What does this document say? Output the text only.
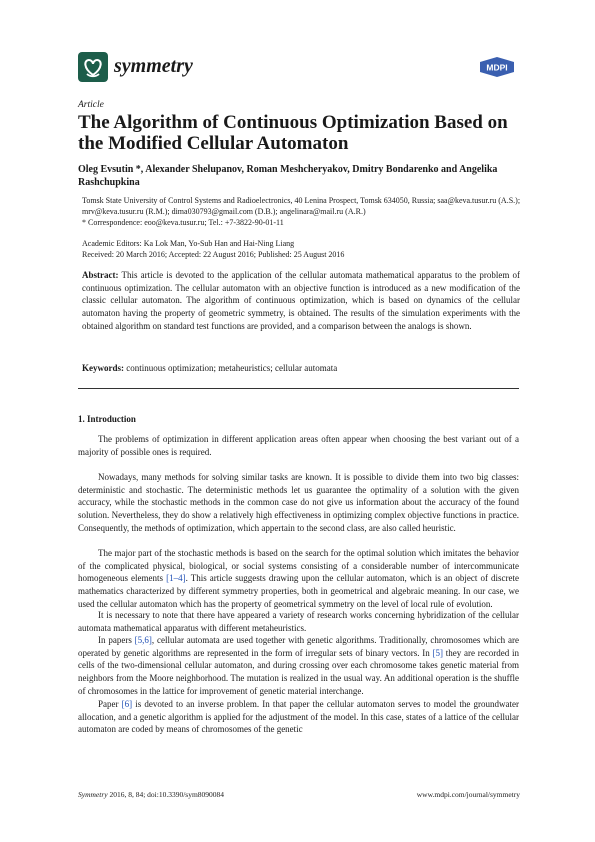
symmetry	MDPI
Article
The Algorithm of Continuous Optimization Based on the Modified Cellular Automaton
Oleg Evsutin *, Alexander Shelupanov, Roman Meshcheryakov, Dmitry Bondarenko and Angelika Rashchupkina
Tomsk State University of Control Systems and Radioelectronics, 40 Lenina Prospect, Tomsk 634050, Russia; saa@keva.tusur.ru (A.S.); mrv@keva.tusur.ru (R.M.); dima030793@gmail.com (D.B.); angelinara@mail.ru (A.R.)
* Correspondence: eoo@keva.tusur.ru; Tel.: +7-3822-90-01-11
Academic Editors: Ka Lok Man, Yo-Sub Han and Hai-Ning Liang
Received: 20 March 2016; Accepted: 22 August 2016; Published: 25 August 2016
Abstract: This article is devoted to the application of the cellular automata mathematical apparatus to the problem of continuous optimization. The cellular automaton with an objective function is introduced as a new modification of the classic cellular automaton. The algorithm of continuous optimization, which is based on dynamics of the cellular automaton having the property of geometric symmetry, is obtained. The results of the simulation experiments with the obtained algorithm on standard test functions are provided, and a comparison between the analogs is shown.
Keywords: continuous optimization; metaheuristics; cellular automata
1. Introduction
The problems of optimization in different application areas often appear when choosing the best variant out of a majority of possible ones is required.
Nowadays, many methods for solving similar tasks are known. It is possible to divide them into two big classes: deterministic and stochastic. The deterministic methods let us guarantee the optimality of a solution with the given accuracy, while the stochastic methods in the common case do not give us information about the accuracy of the found solution. Nevertheless, they do show a relatively high effectiveness in optimizing complex objective functions in practice. Consequently, the methods of optimization, which appertain to the second class, are also called heuristic.
The major part of the stochastic methods is based on the search for the optimal solution which imitates the behavior of the complicated physical, biological, or social systems consisting of a considerable number of intercommunicate homogeneous elements [1–4]. This article suggests drawing upon the cellular automaton, which is an object of discrete mathematics characterized by different symmetry properties, both in geometrical and algebraic meaning. In our case, we used the cellular automaton which has the property of geometrical symmetry on the level of local rule of evolution.
It is necessary to note that there have appeared a variety of research works concerning hybridization of the cellular automata mathematical apparatus with different metaheuristics.
In papers [5,6], cellular automata are used together with genetic algorithms. Traditionally, chromosomes which are operated by genetic algorithms are represented in the form of irregular sets of binary vectors. In [5] they are recorded in cells of the two-dimensional cellular automaton, and during crossing over each chromosome takes genetic material from neighbors from the Moore neighborhood. The mutation is realized in the usual way. An additional operation is the shuffle of chromosomes in the lattice for improvement of genetic material interchange.
Paper [6] is devoted to an inverse problem. In that paper the cellular automaton serves to model the groundwater allocation, and a genetic algorithm is applied for the adjustment of the model. In this case, states of a lattice of the cellular automaton are coded by means of chromosomes of the genetic
Symmetry 2016, 8, 84; doi:10.3390/sym8090084	www.mdpi.com/journal/symmetry
